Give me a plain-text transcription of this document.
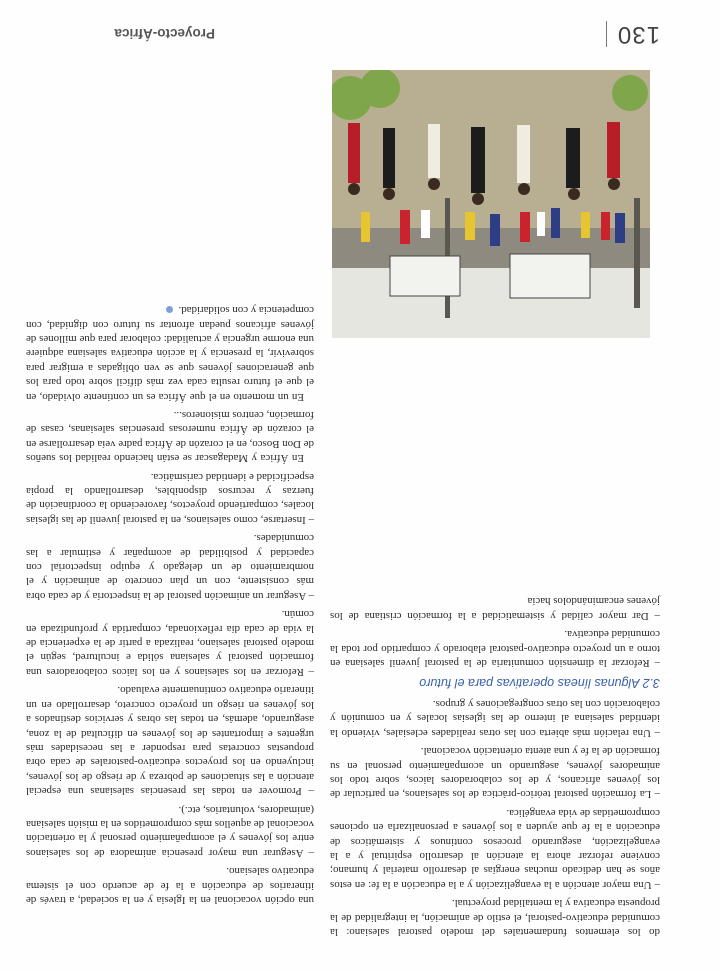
130
Proyecto-África

do los elementos fundamentales del modelo pastoral salesiano: la comunidad educativo-pastoral, el estilo de animación, la integralidad de la propuesta educativa y la mentalidad proyectual.

– Una mayor atención a la evangelización y a la educación a la fe: en estos años se han dedicado muchas energías al desarrollo material y humano; conviene reforzar ahora la atención al desarrollo espiritual y a la evangelización, asegurando procesos continuos y sistemáticos de educación a la fe que ayuden a los jóvenes a personalizarla en opciones comprometidas de vida evangélica.

– La formación pastoral teórico-práctica de los salesianos, en particular de los jóvenes africanos, y de los colaboradores laicos, sobre todo los animadores jóvenes, asegurando un acompañamiento personal en su formación de la fe y una atenta orientación vocacional.

– Una relación más abierta con las otras realidades eclesiales, viviendo la identidad salesiana al interno de las iglesias locales y en comunión y colaboración con las otras congregaciones y grupos.

3.2 Algunas líneas operativas para el futuro

– Reforzar la dimensión comunitaria de la pastoral juvenil salesiana en torno a un proyecto educativo-pastoral elaborado y compartido por toda la comunidad educativa.

– Dar mayor calidad y sistematicidad a la formación cristiana de los jóvenes encaminándolos hacia

una opción vocacional en la Iglesia y en la sociedad, a través de itinerarios de educación a la fe de acuerdo con el sistema educativo salesiano.

– Asegurar una mayor presencia animadora de los salesianos entre los jóvenes y el acompañamiento personal y la orientación vocacional de aquellos más comprometidos en la misión salesiana (animadores, voluntarios, etc.).

– Promover en todas las presencias salesianas una especial atención a las situaciones de pobreza y de riesgo de los jóvenes, incluyendo en los proyectos educativo-pastorales de cada obra propuestas concretas para responder a las necesidades más urgentes e importantes de los jóvenes en dificultad de la zona, asegurando, además, en todas las obras y servicios destinados a los jóvenes en riesgo un proyecto concreto, desarrollado en un itinerario educativo continuamente evaluado.

– Reforzar en los salesianos y en los laicos colaboradores una formación pastoral y salesiana sólida e incultured, según el modelo pastoral salesiano, realizada a partir de la experiencia de la vida de cada día reflexionada, compartida y profundizada en común.

– Asegurar un animación pastoral de la inspectoría y de cada obra más consistente, con un plan concreto de animación y el nombramiento de un delegado y equipo inspectorial con capacidad y posibilidad de acompañar y estimular a las comunidades.

– Insertarse, como salesianos, en la pastoral juvenil de las iglesias locales, compartiendo proyectos, favoreciendo la coordinación de fuerzas y recursos disponibles, desarrollando la propia especificidad e identidad carismática.

En África y Madagascar se están haciendo realidad los sueños de Don Bosco, en el corazón de África padre veía desarrollarse en el corazón de África numerosas presencias salesianas, casas de formación, centros misioneros...

En un momento en el que África es un continente olvidado, en el que el futuro resulta cada vez más difícil sobre todo para los que generaciones jóvenes que se ven obligadas a emigrar para sobrevivir, la presencia y la acción educativa salesiana adquiere una enorme urgencia y actualidad: colaborar para que millones de jóvenes africanos puedan afrontar su futuro con dignidad, con competencia y con solidaridad.
